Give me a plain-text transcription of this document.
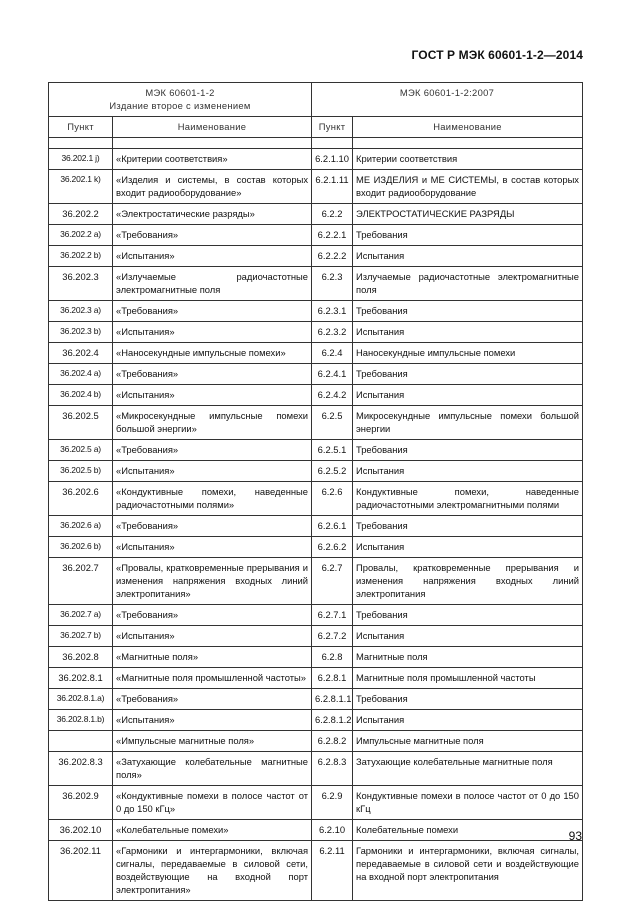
ГОСТ Р МЭК 60601-1-2—2014
МЭК 60601-1-2
Издание второе с изменением		МЭК 60601-1-2:2007	

Пункт	Наименование	Пункт	Наименование

36.202.1 j)	«Критерии соответствия»	6.2.1.10	Критерии соответствия
36.202.1 k)	«Изделия и системы, в состав которых входит радиооборудование»	6.2.1.11	МЕ ИЗДЕЛИЯ и МЕ СИСТЕМЫ, в состав которых входит радиооборудование
36.202.2	«Электростатические разряды»	6.2.2	ЭЛЕКТРОСТАТИЧЕСКИЕ РАЗРЯДЫ
36.202.2 a)	«Требования»	6.2.2.1	Требования
36.202.2 b)	«Испытания»	6.2.2.2	Испытания
36.202.3	«Излучаемые радиочастотные электромагнитные поля	6.2.3	Излучаемые радиочастотные электромагнитные поля
36.202.3 a)	«Требования»	6.2.3.1	Требования
36.202.3 b)	«Испытания»	6.2.3.2	Испытания
36.202.4	«Наносекундные импульсные помехи»	6.2.4	Наносекундные импульсные помехи
36.202.4 a)	«Требования»	6.2.4.1	Требования
36.202.4 b)	«Испытания»	6.2.4.2	Испытания
36.202.5	«Микросекундные импульсные помехи большой энергии»	6.2.5	Микросекундные импульсные помехи большой энергии
36.202.5 a)	«Требования»	6.2.5.1	Требования
36.202.5 b)	«Испытания»	6.2.5.2	Испытания
36.202.6	«Кондуктивные помехи, наведенные радиочастотными полями»	6.2.6	Кондуктивные помехи, наведенные радиочастотными электромагнитными полями
36.202.6 a)	«Требования»	6.2.6.1	Требования
36.202.6 b)	«Испытания»	6.2.6.2	Испытания
36.202.7	«Провалы, кратковременные прерывания и изменения напряжения входных линий электропитания»	6.2.7	Провалы, кратковременные прерывания и изменения напряжения входных линий электропитания
36.202.7 a)	«Требования»	6.2.7.1	Требования
36.202.7 b)	«Испытания»	6.2.7.2	Испытания
36.202.8	«Магнитные поля»	6.2.8	Магнитные поля
36.202.8.1	«Магнитные поля промышленной частоты»	6.2.8.1	Магнитные поля промышленной частоты
36.202.8.1.a)	«Требования»	6.2.8.1.1	Требования
36.202.8.1.b)	«Испытания»	6.2.8.1.2	Испытания
	«Импульсные магнитные поля»	6.2.8.2	Импульсные магнитные поля
36.202.8.3	«Затухающие колебательные магнитные поля»	6.2.8.3	Затухающие колебательные магнитные поля
36.202.9	«Кондуктивные помехи в полосе частот от 0 до 150 кГц»	6.2.9	Кондуктивные помехи в полосе частот от 0 до 150 кГц
36.202.10	«Колебательные помехи»	6.2.10	Колебательные помехи
36.202.11	«Гармоники и интергармоники, включая сигналы, передаваемые в силовой сети, воздействующие на входной порт электропитания»	6.2.11	Гармоники и интергармоники, включая сигналы, передаваемые в силовой сети и воздействующие на входной порт электропитания
93
